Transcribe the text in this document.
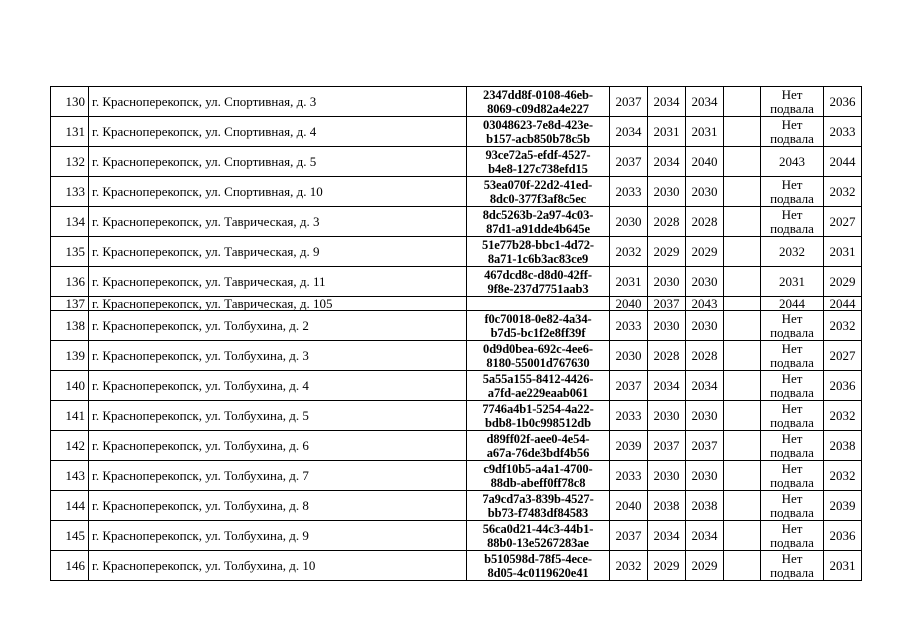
130	г. Красноперекопск, ул. Спортивная, д. 3	2347dd8f-0108-46eb-
8069-c09d82a4e227	2037	2034	2034		Нет
подвала	2036
131	г. Красноперекопск, ул. Спортивная, д. 4	03048623-7e8d-423e-
b157-acb850b78c5b	2034	2031	2031		Нет
подвала	2033
132	г. Красноперекопск, ул. Спортивная, д. 5	93ce72a5-efdf-4527-
b4e8-127c738efd15	2037	2034	2040		2043	2044
133	г. Красноперекопск, ул. Спортивная, д. 10	53ea070f-22d2-41ed-
8dc0-377f3af8c5ec	2033	2030	2030		Нет
подвала	2032
134	г. Красноперекопск, ул. Таврическая, д. 3	8dc5263b-2a97-4c03-
87d1-a91dde4b645e	2030	2028	2028		Нет
подвала	2027
135	г. Красноперекопск, ул. Таврическая, д. 9	51e77b28-bbc1-4d72-
8a71-1c6b3ac83ce9	2032	2029	2029		2032	2031
136	г. Красноперекопск, ул. Таврическая, д. 11	467dcd8c-d8d0-42ff-
9f8e-237d7751aab3	2031	2030	2030		2031	2029
137	г. Красноперекопск, ул. Таврическая, д. 105		2040	2037	2043		2044	2044
138	г. Красноперекопск, ул. Толбухина, д. 2	f0c70018-0e82-4a34-
b7d5-bc1f2e8ff39f	2033	2030	2030		Нет
подвала	2032
139	г. Красноперекопск, ул. Толбухина, д. 3	0d9d0bea-692c-4ee6-
8180-55001d767630	2030	2028	2028		Нет
подвала	2027
140	г. Красноперекопск, ул. Толбухина, д. 4	5a55a155-8412-4426-
a7fd-ae229eaab061	2037	2034	2034		Нет
подвала	2036
141	г. Красноперекопск, ул. Толбухина, д. 5	7746a4b1-5254-4a22-
bdb8-1b0c998512db	2033	2030	2030		Нет
подвала	2032
142	г. Красноперекопск, ул. Толбухина, д. 6	d89ff02f-aee0-4e54-
a67a-76de3bdf4b56	2039	2037	2037		Нет
подвала	2038
143	г. Красноперекопск, ул. Толбухина, д. 7	c9df10b5-a4a1-4700-
88db-abeff0ff78c8	2033	2030	2030		Нет
подвала	2032
144	г. Красноперекопск, ул. Толбухина, д. 8	7a9cd7a3-839b-4527-
bb73-f7483df84583	2040	2038	2038		Нет
подвала	2039
145	г. Красноперекопск, ул. Толбухина, д. 9	56ca0d21-44c3-44b1-
88b0-13e5267283ae	2037	2034	2034		Нет
подвала	2036
146	г. Красноперекопск, ул. Толбухина, д. 10	b510598d-78f5-4ece-
8d05-4c0119620e41	2032	2029	2029		Нет
подвала	2031
